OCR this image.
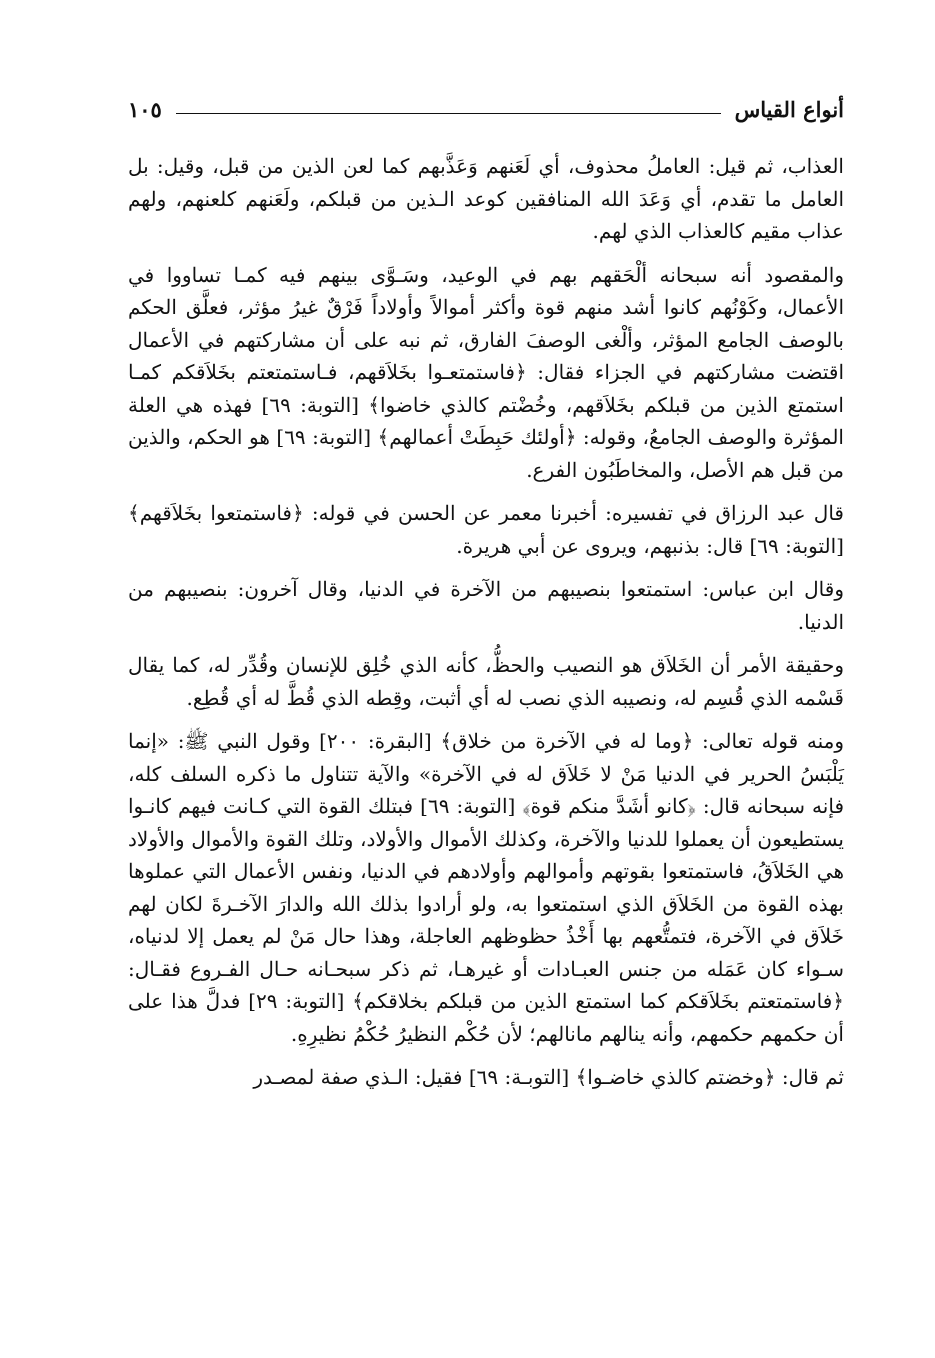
أنواع القياس
١٠٥

العذاب، ثم قيل: العاملُ محذوف، أي لَعَنهم وَعَذَّبهم كما لعن الذين من قبل، وقيل: بل العامل ما تقدم، أي وَعَدَ الله المنافقين كوعد الـذين من قبلكم، ولَعَنهم كلعنهم، ولهم عذاب مقيم كالعذاب الذي لهم.

والمقصود أنه سبحانه ألْحَقهم بهم في الوعيد، وسَـوَّى بينهم فيه كمـا تساووا في الأعمال، وكَوْنُهم كانوا أشد منهم قوة وأكثر أموالاً وأولاداً فَرْقٌ غيرُ مؤثر، فعلَّق الحكم بالوصف الجامع المؤثر، وألْغى الوصفَ الفارق، ثم نبه على أن مشاركتهم في الأعمال اقتضت مشاركتهم في الجزاء فقال: ﴿فاستمتعـوا بخَلاَقهم، فـاستمتعتم بخَلاَقكم كمـا استمتع الذين من قبلكم بخَلاَقهم، وخُضْتم كالذي خاضوا﴾ [التوبة: ٦٩] فهذه هي العلة المؤثرة والوصف الجامعُ، وقوله: ﴿أولئك حَبِطَتْ أعمالهم﴾ [التوبة: ٦٩] هو الحكم، والذين من قبل هم الأصل، والمخاطَبُون الفرع.

قال عبد الرزاق في تفسيره: أخبرنا معمر عن الحسن في قوله: ﴿فاستمتعوا بخَلاَقهم﴾ [التوبة: ٦٩] قال: بذنبهم، ويروى عن أبي هريرة.

وقال ابن عباس: استمتعوا بنصيبهم من الآخرة في الدنيا، وقال آخرون: بنصيبهم من الدنيا.

وحقيقة الأمر أن الخَلاَق هو النصيب والحظُّ، كأنه الذي خُلِق للإنسان وقُدِّر له، كما يقال قَسْمه الذي قُسِم له، ونصيبه الذي نصب له أي أثبت، وقِطه الذي قُطَّ له أي قُطِع.

ومنه قوله تعالى: ﴿وما له في الآخرة من خلاق﴾ [البقرة: ٢٠٠] وقول النبي ﷺ: «إنما يَلْبَسُ الحرير في الدنيا مَنْ لا خَلاَق له في الآخرة» والآية تتناول ما ذكره السلف كله، فإنه سبحانه قال: ﴿كانو أشَدَّ منكم قوة﴾ [التوبة: ٦٩] فبتلك القوة التي كـانت فيهم كانـوا يستطيعون أن يعملوا للدنيا والآخرة، وكذلك الأموال والأولاد، وتلك القوة والأموال والأولاد هي الخَلاَقُ، فاستمتعوا بقوتهم وأموالهم وأولادهم في الدنيا، ونفس الأعمال التي عملوها بهذه القوة من الخَلاَق الذي استمتعوا به، ولو أرادوا بذلك الله والدارَ الآخـرةَ لكان لهم خَلاَق في الآخرة، فتمتُّعهم بها أَخْذُ حظوظهم العاجلة، وهذا حال مَنْ لم يعمل إلا لدنياه، سـواء كان عَمَله من جنس العبـادات أو غيرهـا، ثم ذكر سبحـانه حـال الفـروع فقـال: ﴿فاستمتعتم بخَلاَقكم كما استمتع الذين من قبلكم بخلاقكم﴾ [التوبة: ٢٩] فدلَّ هذا على أن حكمهم حكمهم، وأنه ينالهم مانالهم؛ لأن حُكْم النظيرُ حُكْمُ نظيرِهِ.

ثم قال: ﴿وخضتم كالذي خاضـوا﴾ [التوبـة: ٦٩] فقيل: الـذي صفة لمصـدر
